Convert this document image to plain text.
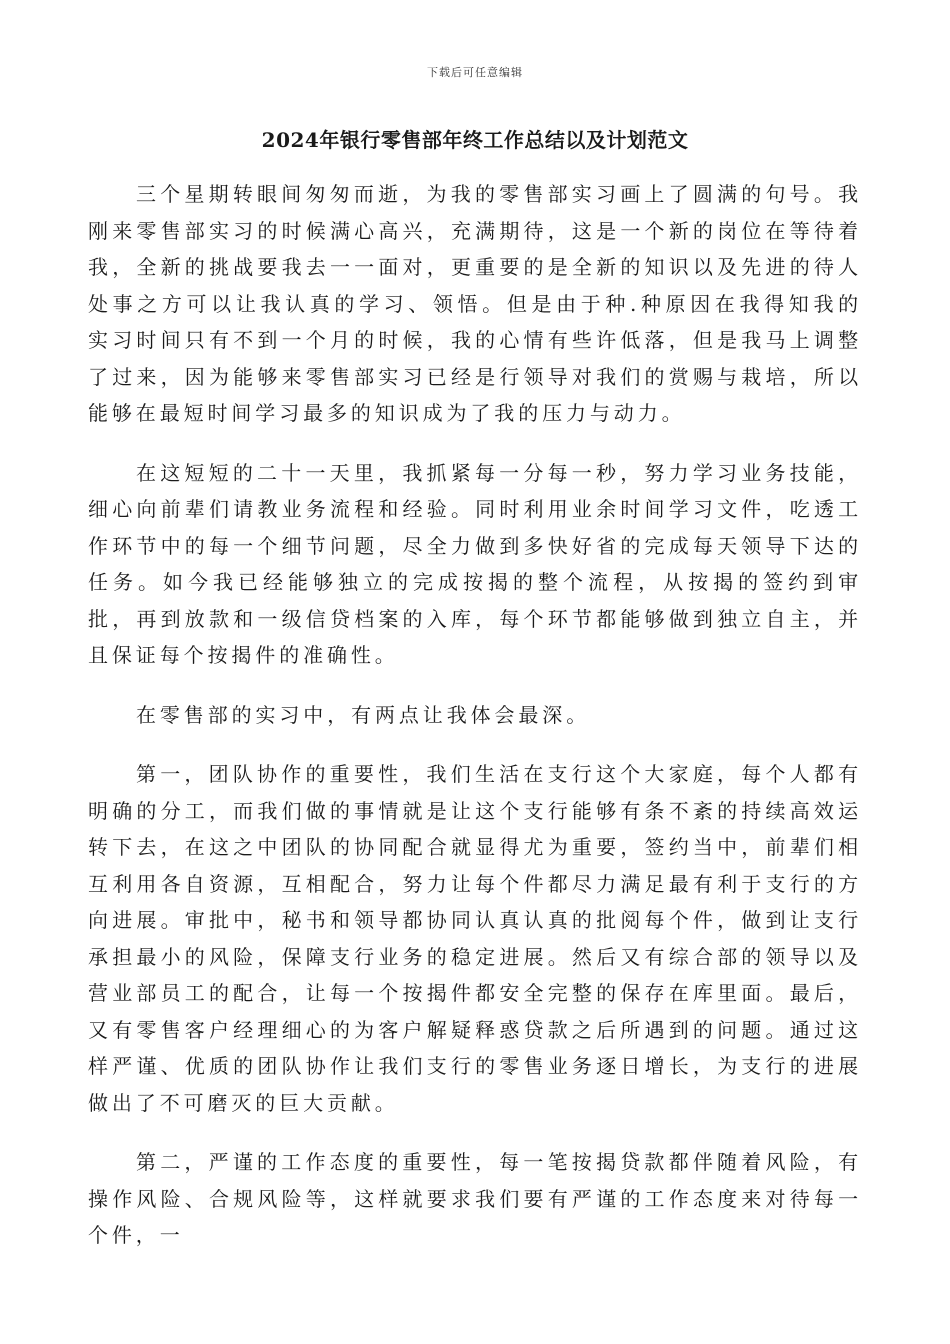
下载后可任意编辑
2024年银行零售部年终工作总结以及计划范文

三个星期转眼间匆匆而逝，为我的零售部实习画上了圆满的句号。我刚来零售部实习的时候满心高兴，充满期待，这是一个新的岗位在等待着我，全新的挑战要我去一一面对，更重要的是全新的知识以及先进的待人处事之方可以让我认真的学习、领悟。但是由于种.种原因在我得知我的实习时间只有不到一个月的时候，我的心情有些许低落，但是我马上调整了过来，因为能够来零售部实习已经是行领导对我们的赏赐与栽培，所以能够在最短时间学习最多的知识成为了我的压力与动力。

在这短短的二十一天里，我抓紧每一分每一秒，努力学习业务技能，细心向前辈们请教业务流程和经验。同时利用业余时间学习文件，吃透工作环节中的每一个细节问题，尽全力做到多快好省的完成每天领导下达的任务。如今我已经能够独立的完成按揭的整个流程，从按揭的签约到审批，再到放款和一级信贷档案的入库，每个环节都能够做到独立自主，并且保证每个按揭件的准确性。

在零售部的实习中，有两点让我体会最深。

第一，团队协作的重要性，我们生活在支行这个大家庭，每个人都有明确的分工，而我们做的事情就是让这个支行能够有条不紊的持续高效运转下去，在这之中团队的协同配合就显得尤为重要，签约当中，前辈们相互利用各自资源，互相配合，努力让每个件都尽力满足最有利于支行的方向进展。审批中，秘书和领导都协同认真认真的批阅每个件，做到让支行承担最小的风险，保障支行业务的稳定进展。然后又有综合部的领导以及营业部员工的配合，让每一个按揭件都安全完整的保存在库里面。最后，又有零售客户经理细心的为客户解疑释惑贷款之后所遇到的问题。通过这样严谨、优质的团队协作让我们支行的零售业务逐日增长，为支行的进展做出了不可磨灭的巨大贡献。

第二，严谨的工作态度的重要性，每一笔按揭贷款都伴随着风险，有操作风险、合规风险等，这样就要求我们要有严谨的工作态度来对待每一个件，一
